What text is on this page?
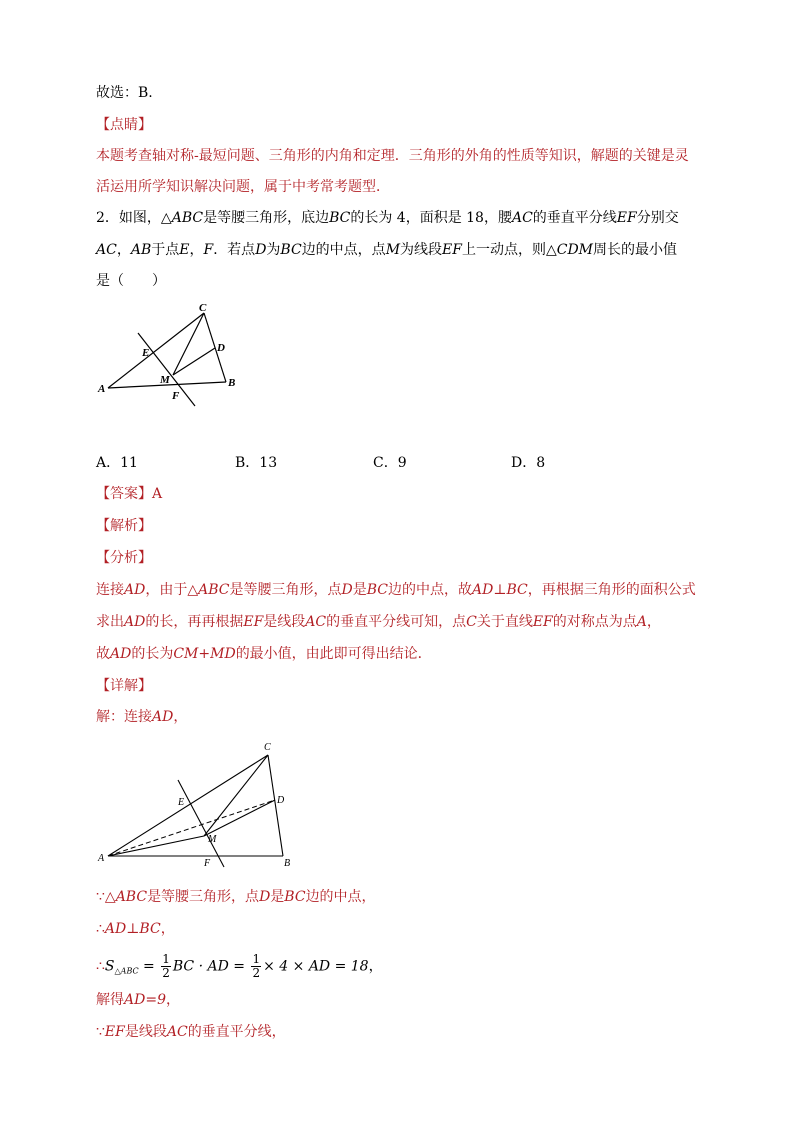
故选：B.

【点睛】

本题考查轴对称-最短问题、三角形的内角和定理．三角形的外角的性质等知识，解题的关键是灵

活运用所学知识解决问题，属于中考常考题型．

2．如图，△ABC是等腰三角形，底边BC的长为 4，面积是 18，腰AC的垂直平分线EF分别交

AC，AB于点E，F．若点D为BC边的中点，点M为线段EF上一动点，则△CDM周长的最小值

是（　　）

A	B
C
D
E
F
M
A．11	B．13	C．9	D．8

【答案】A

【解析】

【分析】

连接AD，由于△ABC是等腰三角形，点D是BC边的中点，故AD⊥BC，再根据三角形的面积公式

求出AD的长，再再根据EF是线段AC的垂直平分线可知，点C关于直线EF的对称点为点A，

故AD的长为CM+MD的最小值，由此即可得出结论．

【详解】

解：连接AD，

A	B
C
D
E
F
M

∵△ABC是等腰三角形，点D是BC边的中点，

∴AD⊥BC，

$\therefore S_{\triangle ABC} = \frac{1}{2}$ BC · AD = $\frac{1}{2} \times 4$ × AD = 18，

解得AD=9，

∵EF是线段AC的垂直平分线，
